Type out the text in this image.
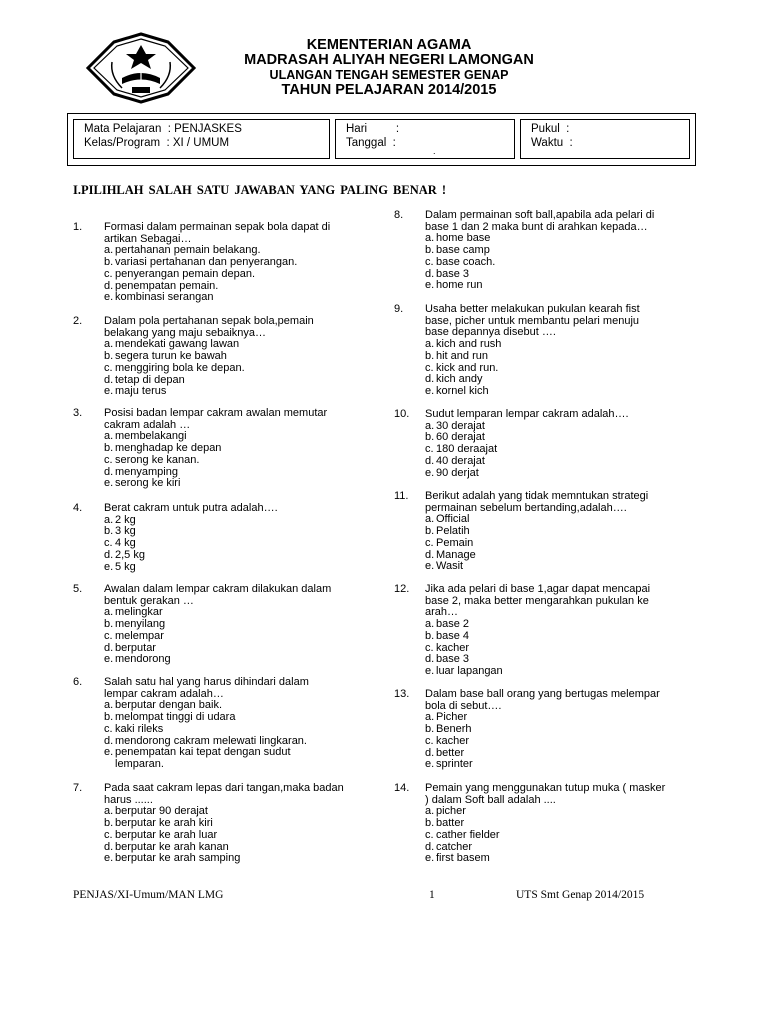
KEMENTERIAN AGAMA
MADRASAH ALIYAH NEGERI LAMONGAN
ULANGAN TENGAH SEMESTER GENAP
TAHUN PELAJARAN 2014/2015
Mata Pelajaran  : PENJASKES
Kelas/Program  : XI / UMUM
Hari         :
Tanggal  :
Pukul  :
Waktu  :
.
I.PILIHLAH SALAH SATU JAWABAN YANG PALING BENAR !
1. Formasi dalam permainan sepak bola dapat di
artikan Sebagai…
a. pertahanan pemain belakang.
b. variasi pertahanan dan penyerangan.
c. penyerangan pemain depan.
d. penempatan pemain.
e. kombinasi serangan
2. Dalam pola pertahanan sepak bola,pemain
belakang yang maju sebaiknya…
a. mendekati gawang lawan
b. segera turun ke bawah
c. menggiring bola ke depan.
d. tetap di depan
e. maju terus
3. Posisi badan lempar cakram awalan memutar
cakram adalah …
a. membelakangi
b. menghadap ke depan
c. serong ke kanan.
d. menyamping
e. serong ke kiri
4. Berat cakram untuk putra adalah….
a. 2 kg
b. 3 kg
c. 4 kg
d. 2,5 kg
e. 5 kg
5. Awalan dalam lempar cakram dilakukan dalam
bentuk gerakan …
a. melingkar
b. menyilang
c. melempar
d. berputar
e. mendorong
6. Salah satu hal yang harus dihindari dalam
lempar cakram adalah…
a. berputar dengan baik.
b. melompat tinggi di udara
c. kaki rileks
d. mendorong cakram melewati lingkaran.
e. penempatan kai tepat dengan sudut
lemparan.
7. Pada saat cakram lepas dari tangan,maka badan
harus ......
a. berputar 90 derajat
b. berputar ke arah kiri
c. berputar ke arah luar
d. berputar ke arah kanan
e. berputar ke arah samping
8. Dalam permainan soft ball,apabila ada pelari di
base 1 dan 2 maka bunt di arahkan kepada…
a. home base
b. base camp
c. base coach.
d. base 3
e. home run
9. Usaha better melakukan pukulan kearah fist
base, picher untuk membantu pelari menuju
base depannya disebut ….
a. kich and rush
b. hit and run
c. kick and run.
d. kich andy
e. kornel kich
10. Sudut lemparan lempar cakram adalah….
a. 30 derajat
b. 60 derajat
c. 180 deraajat
d. 40 derajat
e. 90 derjat
11. Berikut adalah yang tidak memntukan strategi
permainan sebelum bertanding,adalah….
a. Official
b. Pelatih
c. Pemain
d. Manage
e. Wasit
12. Jika ada pelari di base 1,agar dapat mencapai
base 2, maka better mengarahkan pukulan ke
arah…
a. base 2
b. base 4
c. kacher
d. base 3
e. luar lapangan
13. Dalam base ball orang yang bertugas melempar
bola di sebut….
a. Picher
b. Benerh
c. kacher
d. better
e. sprinter
14. Pemain yang menggunakan tutup muka ( masker
) dalam Soft ball adalah ....
a. picher
b. batter
c. cather fielder
d. catcher
e. first basem
PENJAS/XI-Umum/MAN LMG	1	UTS Smt Genap 2014/2015
